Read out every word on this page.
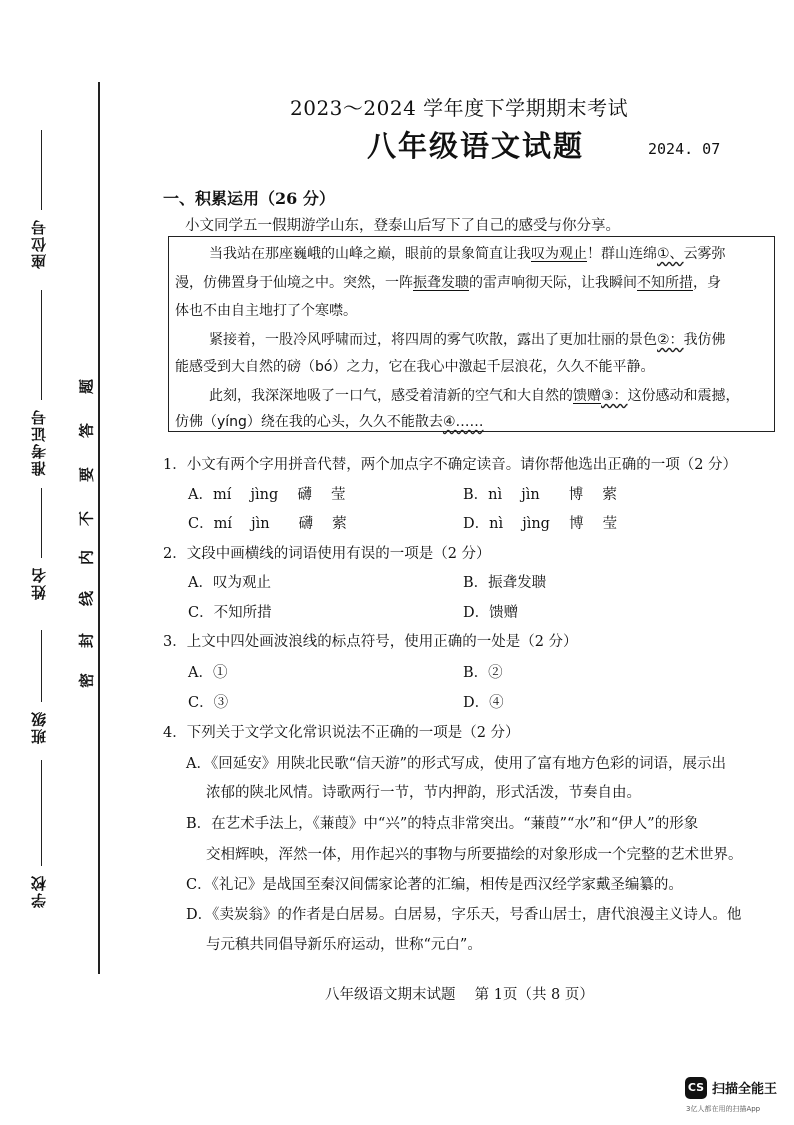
座位号
准考证号
姓名
班级
学校
题
答
要
不
内
线
封
密
2023～2024 学年度下学期期末考试
八年级语文试题	2024. 07
一、积累运用（26 分）
小文同学五一假期游学山东，登泰山后写下了自己的感受与你分享。
当我站在那座巍峨的山峰之巅，眼前的景象简直让我叹为观止！群山连绵①、云雾弥
漫，仿佛置身于仙境之中。突然，一阵振聋发聩的雷声响彻天际，让我瞬间不知所措，身
体也不由自主地打了个寒噤。
紧接着，一股冷风呼啸而过，将四周的雾气吹散，露出了更加壮丽的景色②：我仿佛
能感受到大自然的磅（bó）之力，它在我心中激起千层浪花，久久不能平静。
此刻，我深深地吸了一口气，感受着清新的空气和大自然的馈赠③：这份感动和震撼，
仿佛（yíng）绕在我的心头，久久不能散去④……
1．小文有两个字用拼音代替，两个加点字不确定读音。请你帮他选出正确的一项（2 分）
A．mí　 jìng　 礴　 莹	B．nì　 jìn　　博　 萦
C．mí　 jìn　　礴　 萦	D．nì　 jìng　 博　 莹
2．文段中画横线的词语使用有误的一项是（2 分）
A．叹为观止	B．振聋发聩
C．不知所措	D．馈赠
3．上文中四处画波浪线的标点符号，使用正确的一处是（2 分）
A．①	B．②
C．③	D．④
4．下列关于文学文化常识说法不正确的一项是（2 分）
A．《回延安》用陕北民歌“信天游”的形式写成，使用了富有地方色彩的词语，展示出
浓郁的陕北风情。诗歌两行一节，节内押韵，形式活泼，节奏自由。
B．在艺术手法上，《蒹葭》中“兴”的特点非常突出。“蒹葭”“水”和“伊人”的形象
交相辉映，浑然一体，用作起兴的事物与所要描绘的对象形成一个完整的艺术世界。
C．《礼记》是战国至秦汉间儒家论著的汇编，相传是西汉经学家戴圣编纂的。
D．《卖炭翁》的作者是白居易。白居易，字乐天，号香山居士，唐代浪漫主义诗人。他
与元稹共同倡导新乐府运动，世称“元白”。
八年级语文期末试题　 第 1页（共 8 页）
CS 扫描全能王
3亿人都在用的扫描App
